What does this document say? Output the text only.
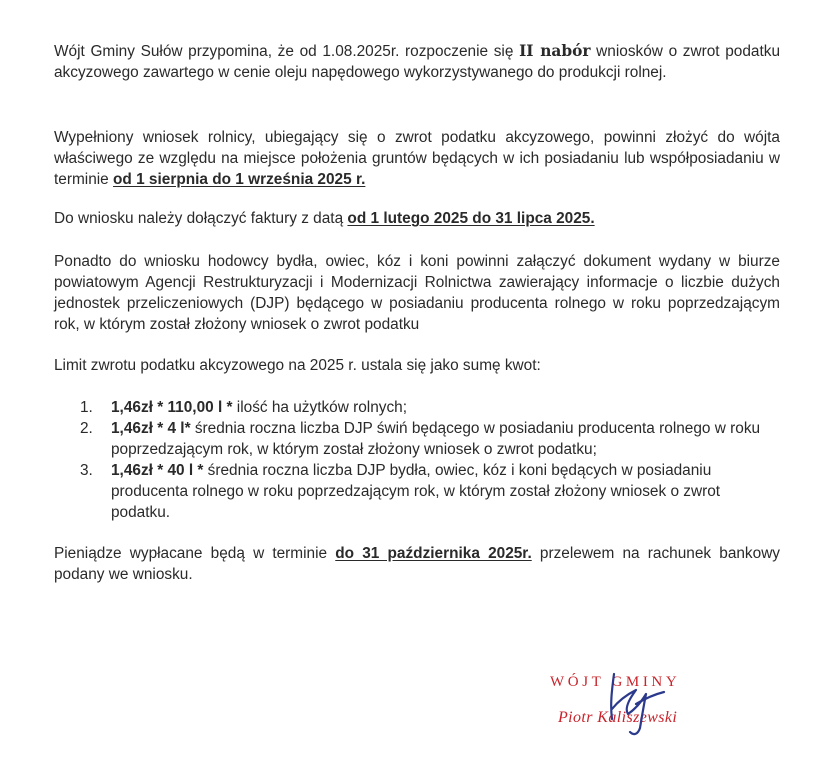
Wójt Gminy Sułów przypomina, że od 1.08.2025r. rozpoczenie się II nabór wniosków o zwrot podatku akcyzowego zawartego w cenie oleju napędowego wykorzystywanego do produkcji rolnej.

Wypełniony wniosek rolnicy, ubiegający się o zwrot podatku akcyzowego, powinni złożyć do wójta właściwego ze względu na miejsce położenia gruntów będących w ich posiadaniu lub współposiadaniu w terminie od 1 sierpnia do 1 września 2025 r.

Do wniosku należy dołączyć faktury z datą od 1 lutego 2025 do 31 lipca 2025.

Ponadto do wniosku hodowcy bydła, owiec, kóz i koni powinni załączyć dokument wydany w biurze powiatowym Agencji Restrukturyzacji i Modernizacji Rolnictwa zawierający informacje o liczbie dużych jednostek przeliczeniowych (DJP) będącego w posiadaniu producenta rolnego w roku poprzedzającym rok, w którym został złożony wniosek o zwrot podatku

Limit zwrotu podatku akcyzowego na 2025 r. ustala się jako sumę kwot:

1.	1,46zł * 110,00 l * ilość ha użytków rolnych;
2.	1,46zł * 4 l* średnia roczna liczba DJP świń będącego w posiadaniu producenta rolnego w roku poprzedzającym rok, w którym został złożony wniosek o zwrot podatku;
3.	1,46zł * 40 l * średnia roczna liczba DJP bydła, owiec, kóz i koni będących w posiadaniu producenta rolnego w roku poprzedzającym rok, w którym został złożony wniosek o zwrot podatku.

Pieniądze wypłacane będą w terminie do 31 października 2025r. przelewem na rachunek bankowy podany we wniosku.

WÓJT GMINY
Piotr Kaliszewski
